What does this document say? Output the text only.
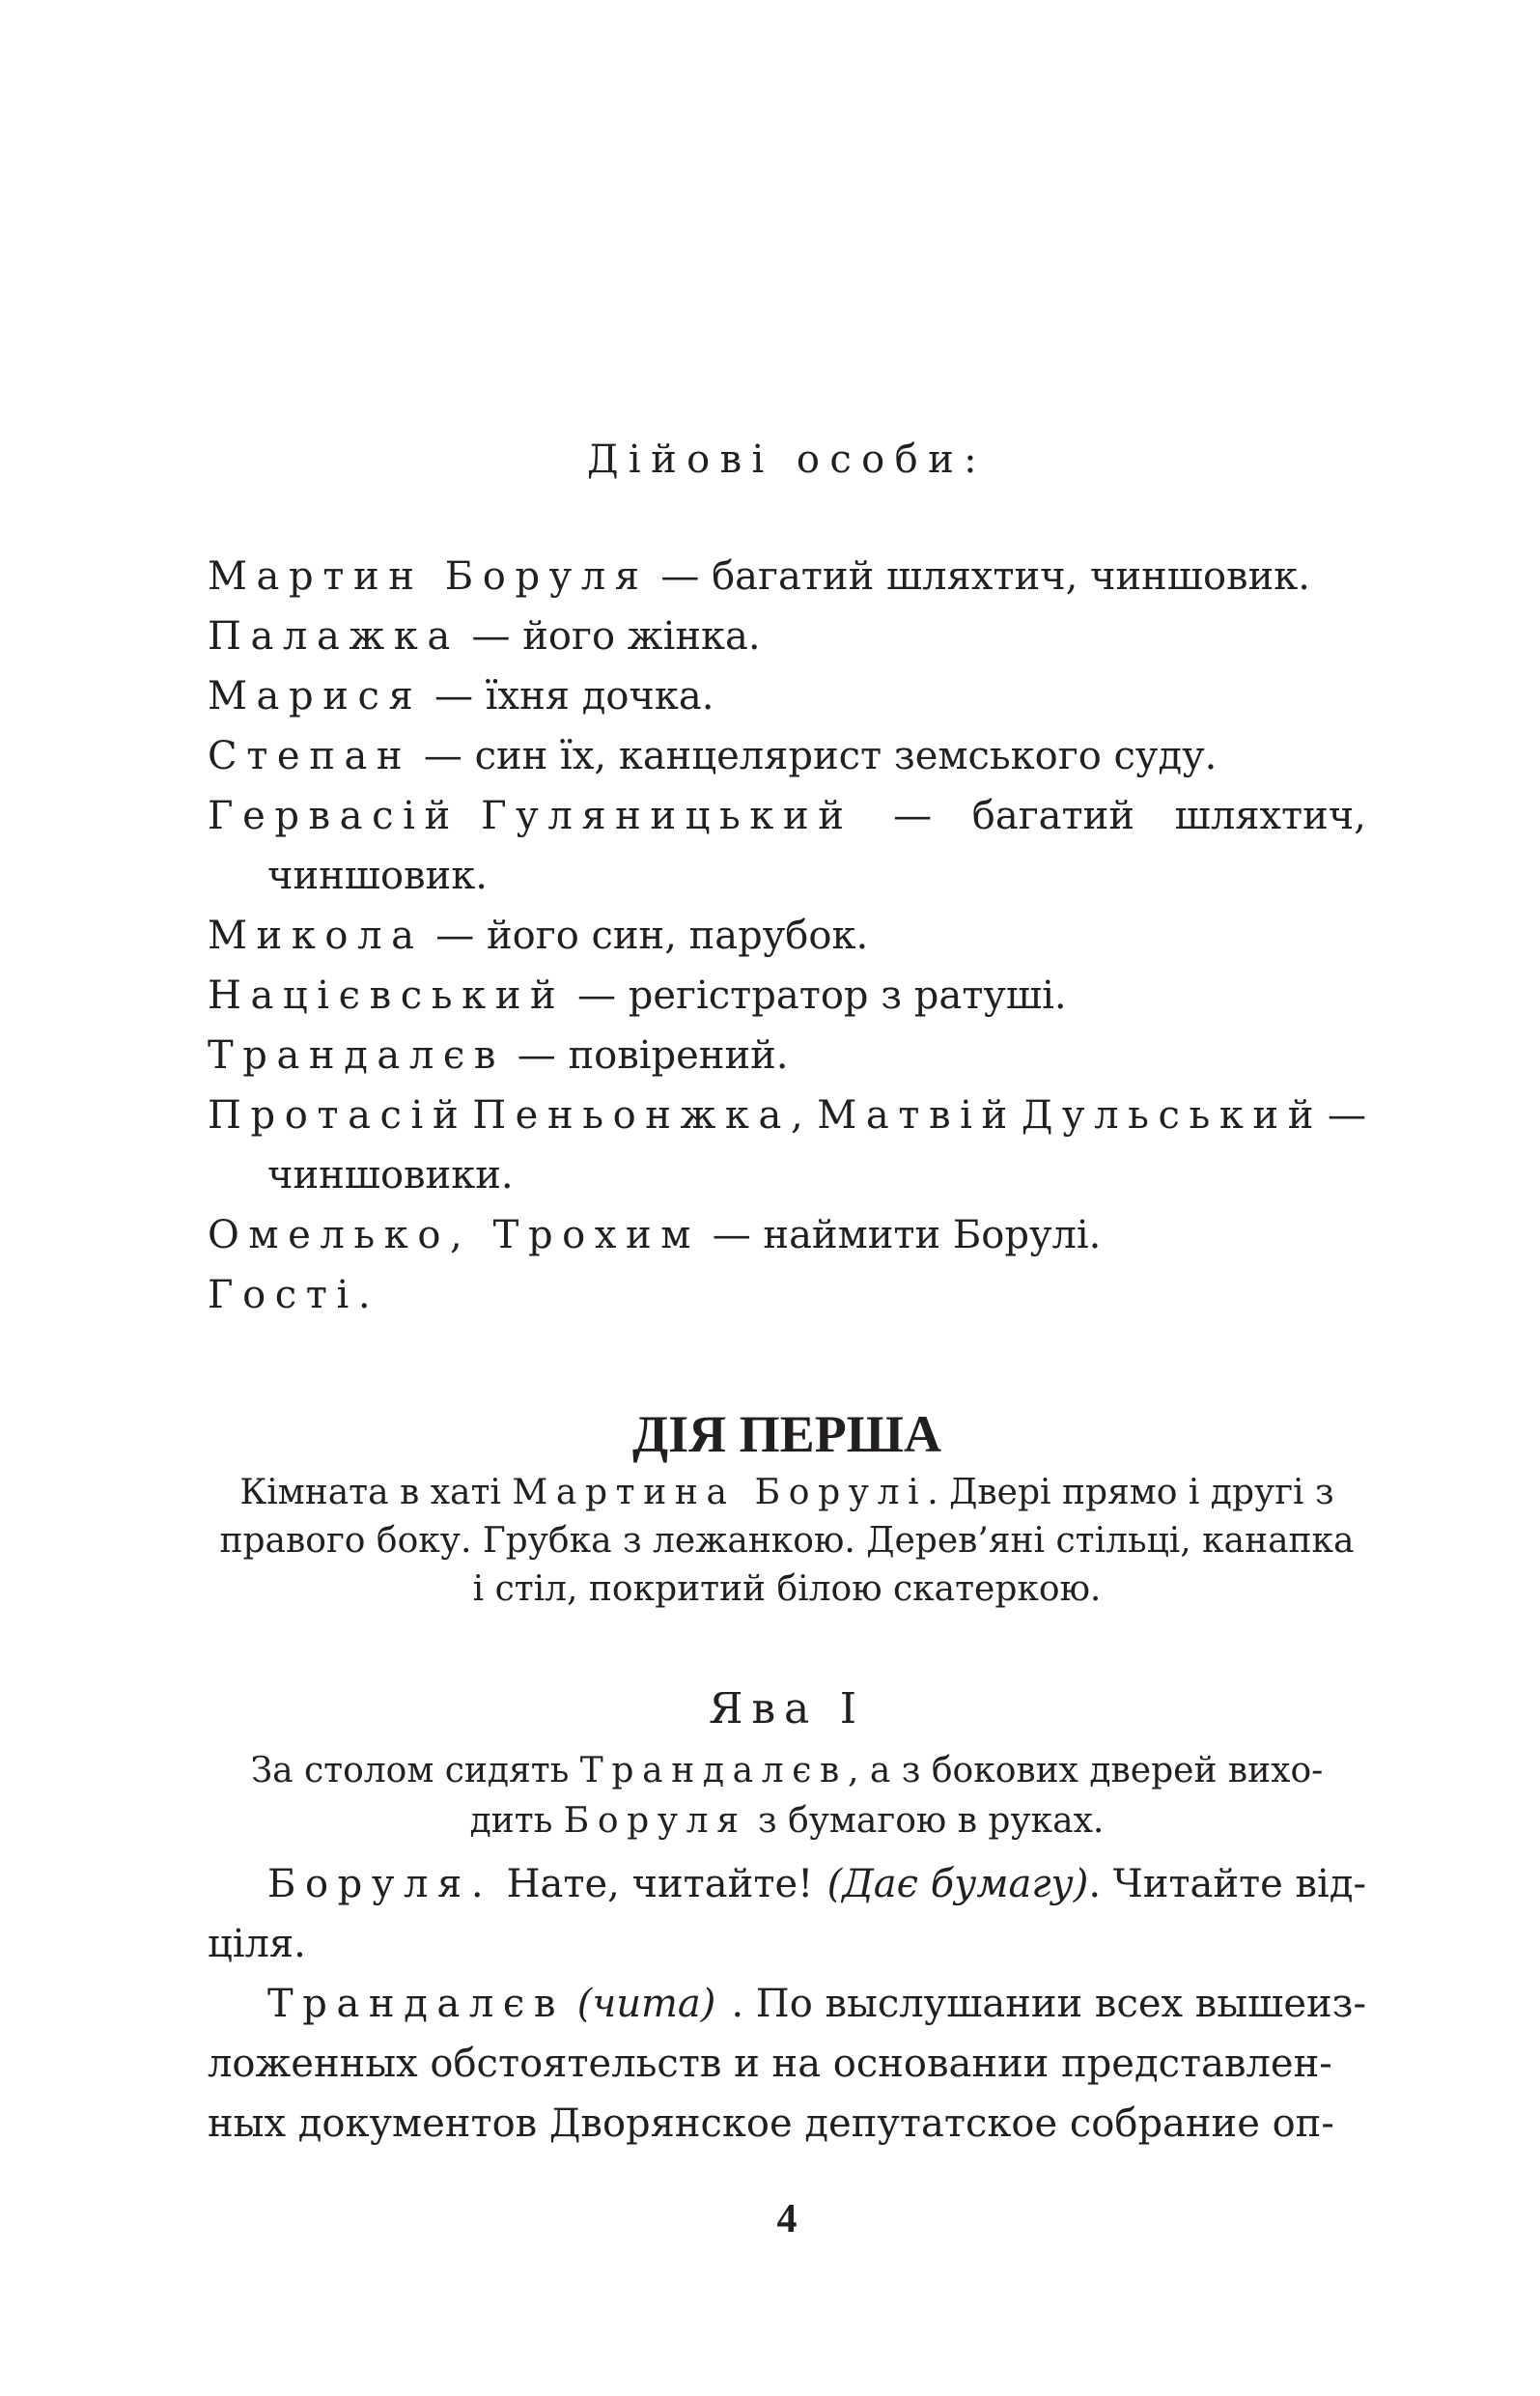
Дійові особи:
Мартин Боруля — багатий шляхтич, чиншовик.
Палажка — його жінка.
Марися — їхня дочка.
Степан — син їх, канцелярист земського суду.
Гервасій Гуляницький — багатий шляхтич,
чиншовик.
Микола — його син, парубок.
Націєвський — регістратор з ратуші.
Трандалєв — повірений.
Протасій Пеньонжка, Матвій Дульський —
чиншовики.
Омелько, Трохим — наймити Борулі.
Гості.
ДІЯ ПЕРША
Кімната в хаті Мартина Борулі. Двері прямо і другі з
правого боку. Грубка з лежанкою. Дерев’яні стільці, канапка
і стіл, покритий білою скатеркою.
Ява I
За столом сидять Трандалєв, а з бокових дверей вихо-
дить Боруля з бумагою в руках.
Боруля. Нате, читайте! (Дає бумагу). Читайте від-
ціля.
Трандалєв (чита) . По выслушании всех вышеиз-
ложенных обстоятельств и на основании представлен-
ных документов Дворянское депутатское собрание оп-
4
